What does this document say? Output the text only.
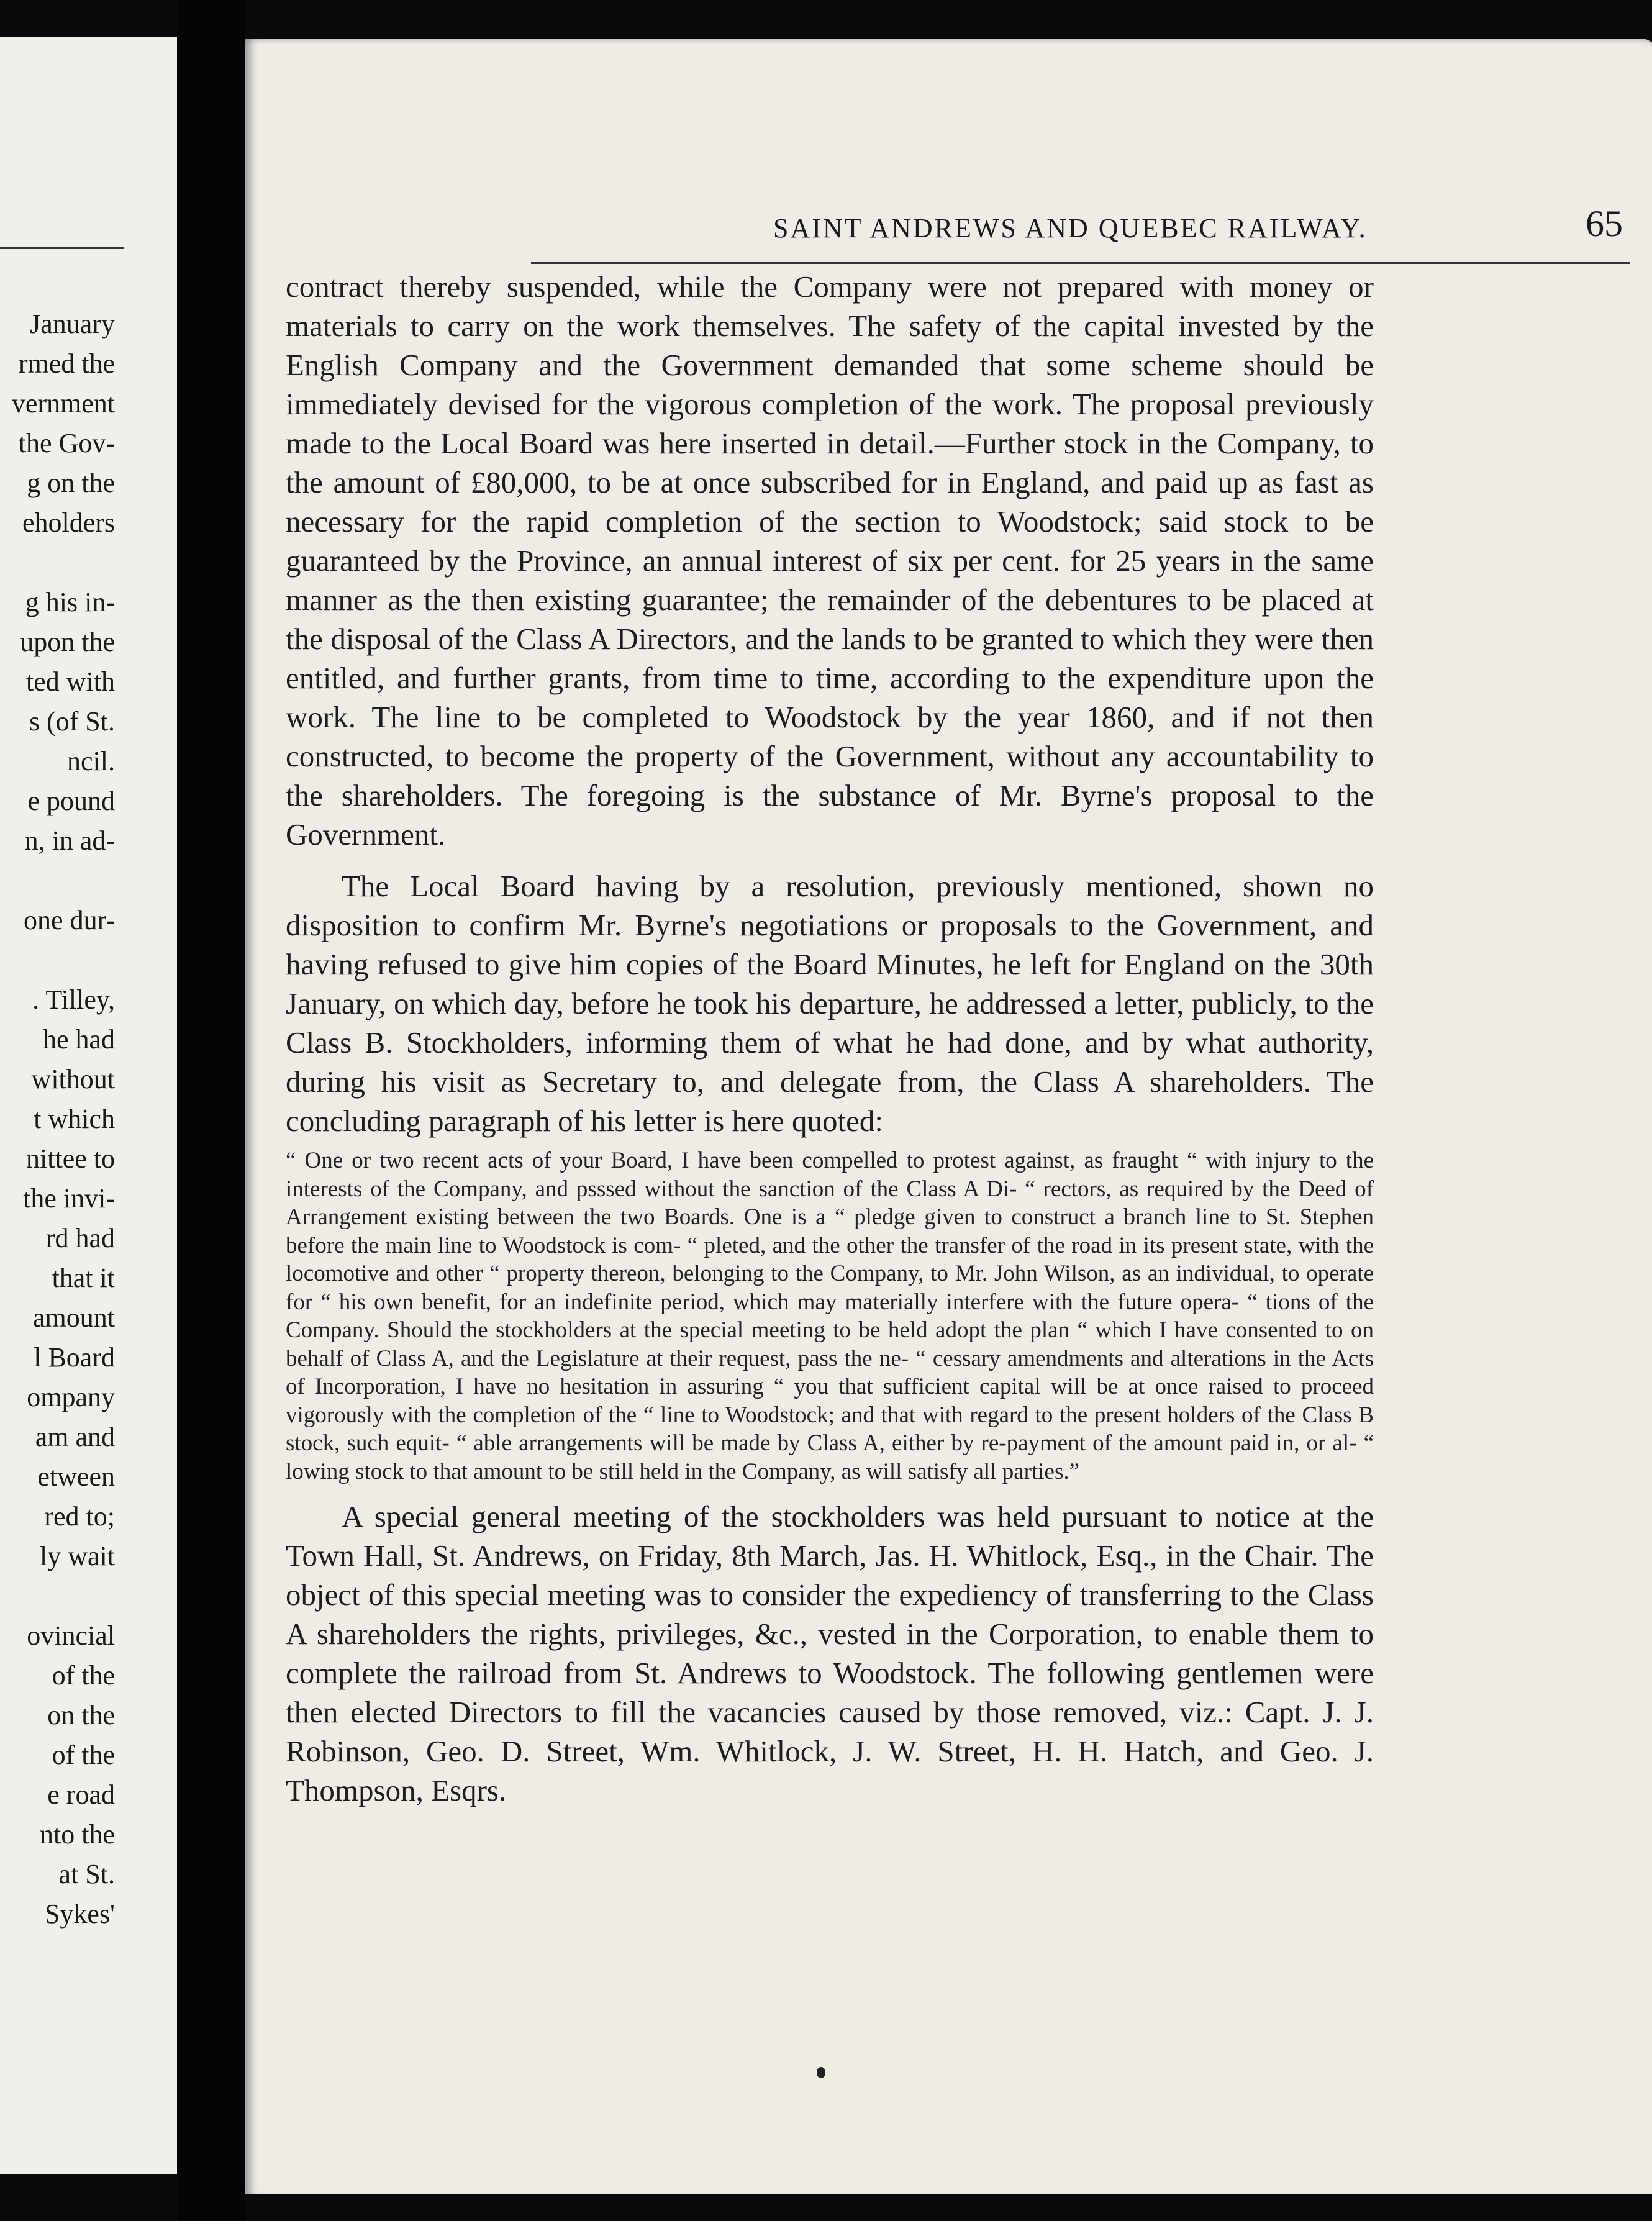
January
rmed the
vernment
the Gov-
g on the
eholders
g his in-
upon the
ted with
s (of St.
ncil.
e pound
n, in ad-
one dur-
. Tilley,
he had
without
t which
nittee to
the invi-
rd had
that it
amount
l Board
ompany
am and
etween
red to;
ly wait
ovincial
of the
on the
of the
e road
nto the
at St.
Sykes'
SAINT ANDREWS AND QUEBEC RAILWAY.	65

contract thereby suspended, while the Company were not prepared with money or materials to carry on the work themselves. The safety of the capital invested by the English Company and the Government demanded that some scheme should be immediately devised for the vigorous completion of the work. The proposal previously made to the Local Board was here inserted in detail.—Further stock in the Company, to the amount of £80,000, to be at once subscribed for in England, and paid up as fast as necessary for the rapid completion of the section to Woodstock; said stock to be guaranteed by the Province, an annual interest of six per cent. for 25 years in the same manner as the then existing guarantee; the remainder of the debentures to be placed at the disposal of the Class A Directors, and the lands to be granted to which they were then entitled, and further grants, from time to time, according to the expenditure upon the work. The line to be completed to Woodstock by the year 1860, and if not then constructed, to become the property of the Government, without any accountability to the shareholders. The foregoing is the substance of Mr. Byrne's proposal to the Government.

The Local Board having by a resolution, previously mentioned, shown no disposition to confirm Mr. Byrne's negotiations or proposals to the Government, and having refused to give him copies of the Board Minutes, he left for England on the 30th January, on which day, before he took his departure, he addressed a letter, publicly, to the Class B. Stockholders, informing them of what he had done, and by what authority, during his visit as Secretary to, and delegate from, the Class A shareholders. The concluding paragraph of his letter is here quoted:

“ One or two recent acts of your Board, I have been compelled to protest against, as fraught “ with injury to the interests of the Company, and psssed without the sanction of the Class A Di- “ rectors, as required by the Deed of Arrangement existing between the two Boards. One is a “ pledge given to construct a branch line to St. Stephen before the main line to Woodstock is com- “ pleted, and the other the transfer of the road in its present state, with the locomotive and other “ property thereon, belonging to the Company, to Mr. John Wilson, as an individual, to operate for “ his own benefit, for an indefinite period, which may materially interfere with the future opera- “ tions of the Company. Should the stockholders at the special meeting to be held adopt the plan “ which I have consented to on behalf of Class A, and the Legislature at their request, pass the ne- “ cessary amendments and alterations in the Acts of Incorporation, I have no hesitation in assuring “ you that sufficient capital will be at once raised to proceed vigorously with the completion of the “ line to Woodstock; and that with regard to the present holders of the Class B stock, such equit- “ able arrangements will be made by Class A, either by re-payment of the amount paid in, or al- “ lowing stock to that amount to be still held in the Company, as will satisfy all parties.”

A special general meeting of the stockholders was held pursuant to notice at the Town Hall, St. Andrews, on Friday, 8th March, Jas. H. Whitlock, Esq., in the Chair. The object of this special meeting was to consider the expediency of transferring to the Class A shareholders the rights, privileges, &c., vested in the Corporation, to enable them to complete the railroad from St. Andrews to Woodstock. The following gentlemen were then elected Directors to fill the vacancies caused by those removed, viz.: Capt. J. J. Robinson, Geo. D. Street, Wm. Whitlock, J. W. Street, H. H. Hatch, and Geo. J. Thompson, Esqrs.
